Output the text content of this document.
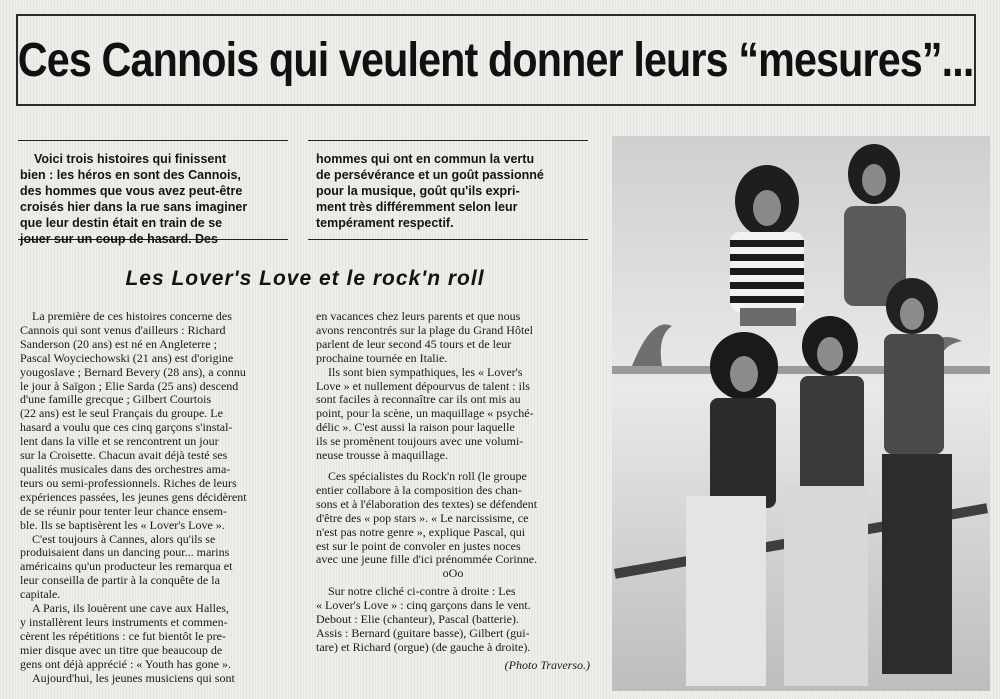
Ces Cannois qui veulent donner leurs “mesures”...
Voici trois histoires qui finissent
bien : les héros en sont des Cannois,
des hommes que vous avez peut-être
croisés hier dans la rue sans imaginer
que leur destin était en train de se
jouer sur un coup de hasard. Des
hommes qui ont en commun la vertu
de persévérance et un goût passionné
pour la musique, goût qu'ils expri-
ment très différemment selon leur
tempérament respectif.
Les Lover's Love et le rock'n roll
La première de ces histoires concerne des
Cannois qui sont venus d'ailleurs : Richard
Sanderson (20 ans) est né en Angleterre ;
Pascal Woyciechowski (21 ans) est d'origine
yougoslave ; Bernard Bevery (28 ans), a connu
le jour à Saïgon ; Elie Sarda (25 ans) descend
d'une famille grecque ; Gilbert Courtois
(22 ans) est le seul Français du groupe. Le
hasard a voulu que ces cinq garçons s'instal-
lent dans la ville et se rencontrent un jour
sur la Croisette. Chacun avait déjà testé ses
qualités musicales dans des orchestres ama-
teurs ou semi-professionnels. Riches de leurs
expériences passées, les jeunes gens décidèrent
de se réunir pour tenter leur chance ensem-
ble. Ils se baptisèrent les « Lover's Love ».
C'est toujours à Cannes, alors qu'ils se
produisaient dans un dancing pour... marins
américains qu'un producteur les remarqua et
leur conseilla de partir à la conquête de la
capitale.
A Paris, ils louèrent une cave aux Halles,
y installèrent leurs instruments et commen-
cèrent les répétitions : ce fut bientôt le pre-
mier disque avec un titre que beaucoup de
gens ont déjà apprécié : « Youth has gone ».
Aujourd'hui, les jeunes musiciens qui sont
en vacances chez leurs parents et que nous
avons rencontrés sur la plage du Grand Hôtel
parlent de leur second 45 tours et de leur
prochaine tournée en Italie.
Ils sont bien sympathiques, les « Lover's
Love » et nullement dépourvus de talent : ils
sont faciles à reconnaître car ils ont mis au
point, pour la scène, un maquillage « psyché-
délic ». C'est aussi la raison pour laquelle
ils se promènent toujours avec une volumi-
neuse trousse à maquillage.
Ces spécialistes du Rock'n roll (le groupe
entier collabore à la composition des chan-
sons et à l'élaboration des textes) se défendent
d'être des « pop stars ». « Le narcissisme, ce
n'est pas notre genre », explique Pascal, qui
est sur le point de convoler en justes noces
avec une jeune fille d'ici prénommée Corinne.
oOo
Sur notre cliché ci-contre à droite : Les
« Lover's Love » : cinq garçons dans le vent.
Debout : Elie (chanteur), Pascal (batterie).
Assis : Bernard (guitare basse), Gilbert (gui-
tare) et Richard (orgue) (de gauche à droite).
(Photo Traverso.)
